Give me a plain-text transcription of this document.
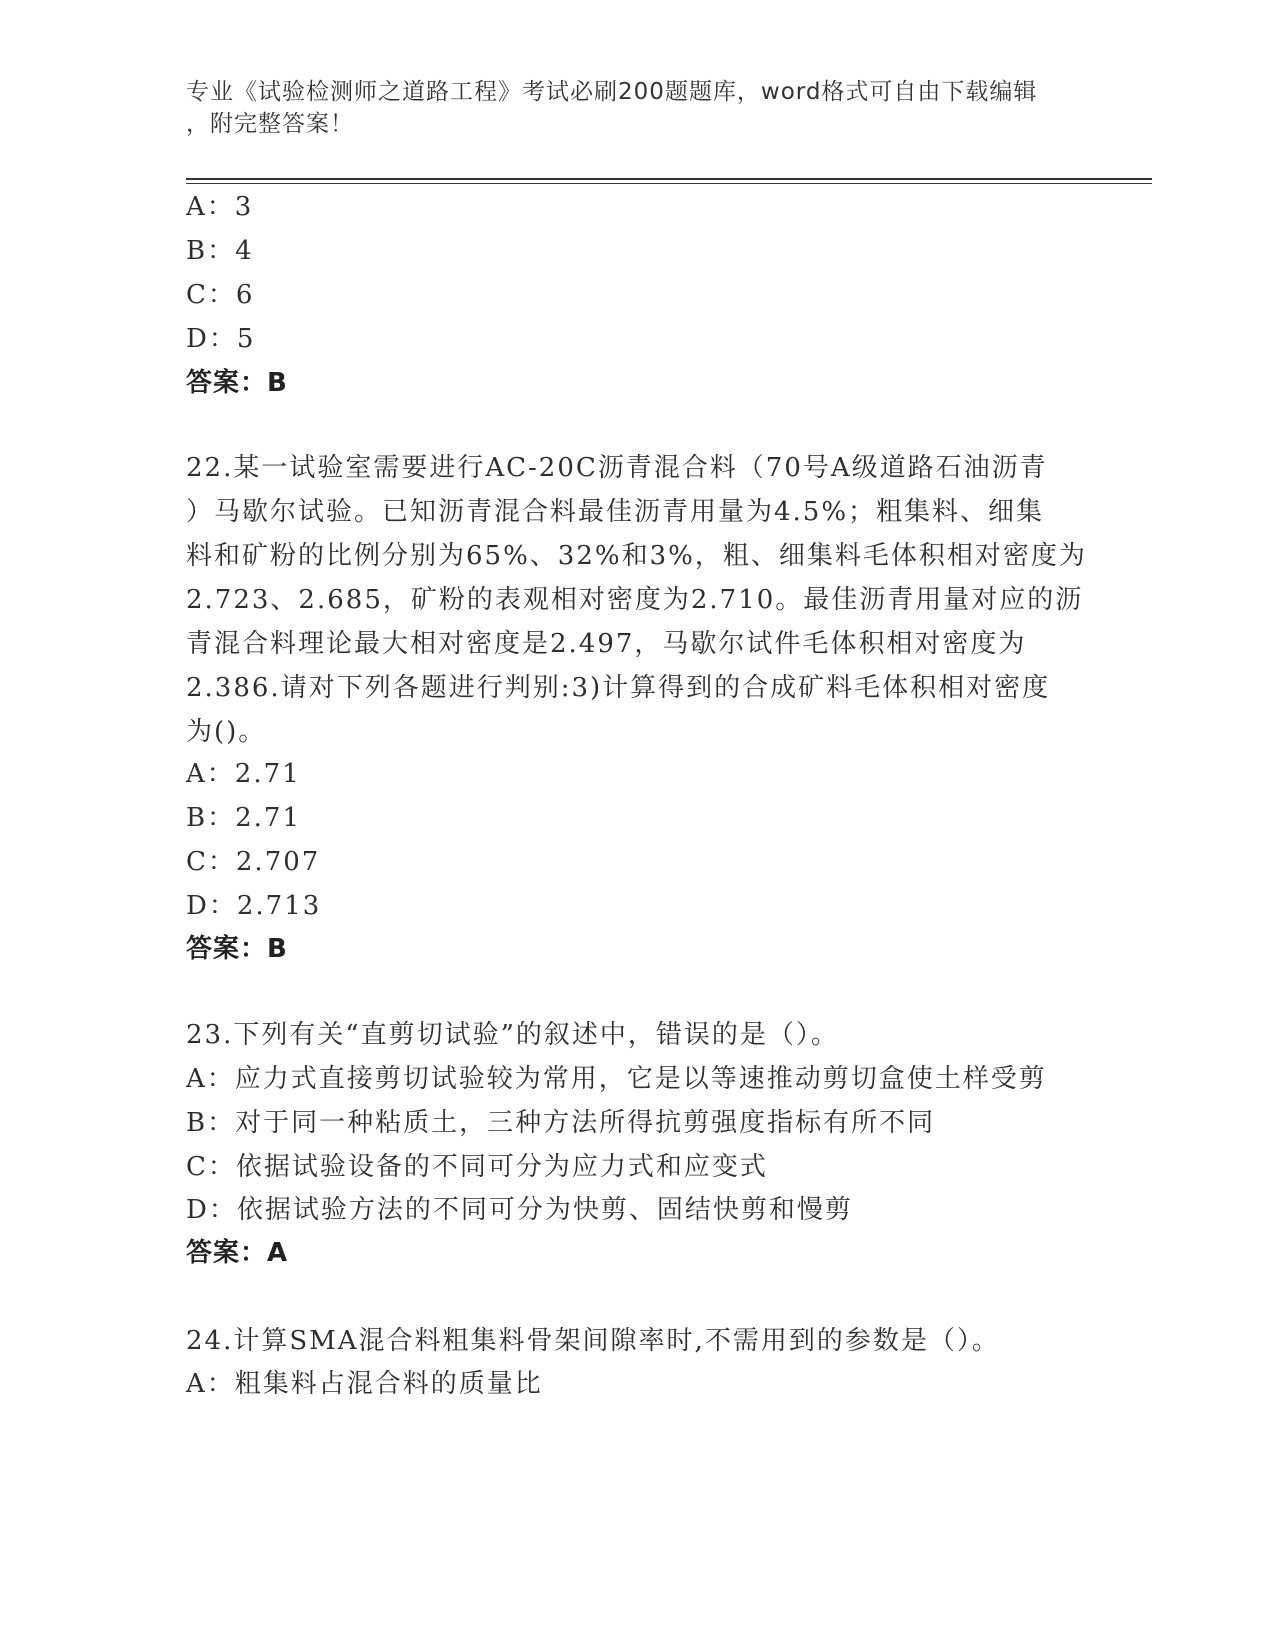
专业《试验检测师之道路工程》考试必刷200题题库，word格式可自由下载编辑
，附完整答案！
A：3
B：4
C：6
D：5
答案：B
22.某一试验室需要进行AC-20C沥青混合料（70号A级道路石油沥青
）马歇尔试验。已知沥青混合料最佳沥青用量为4.5%；粗集料、细集
料和矿粉的比例分别为65%、32%和3%，粗、细集料毛体积相对密度为
2.723、2.685，矿粉的表观相对密度为2.710。最佳沥青用量对应的沥
青混合料理论最大相对密度是2.497，马歇尔试件毛体积相对密度为
2.386.请对下列各题进行判别:3)计算得到的合成矿料毛体积相对密度
为()。
A：2.71
B：2.71
C：2.707
D：2.713
答案：B
23.下列有关“直剪切试验”的叙述中，错误的是（）。
A：应力式直接剪切试验较为常用，它是以等速推动剪切盒使土样受剪
B：对于同一种粘质土，三种方法所得抗剪强度指标有所不同
C：依据试验设备的不同可分为应力式和应变式
D：依据试验方法的不同可分为快剪、固结快剪和慢剪
答案：A
24.计算SMA混合料粗集料骨架间隙率时,不需用到的参数是（）。
A：粗集料占混合料的质量比
